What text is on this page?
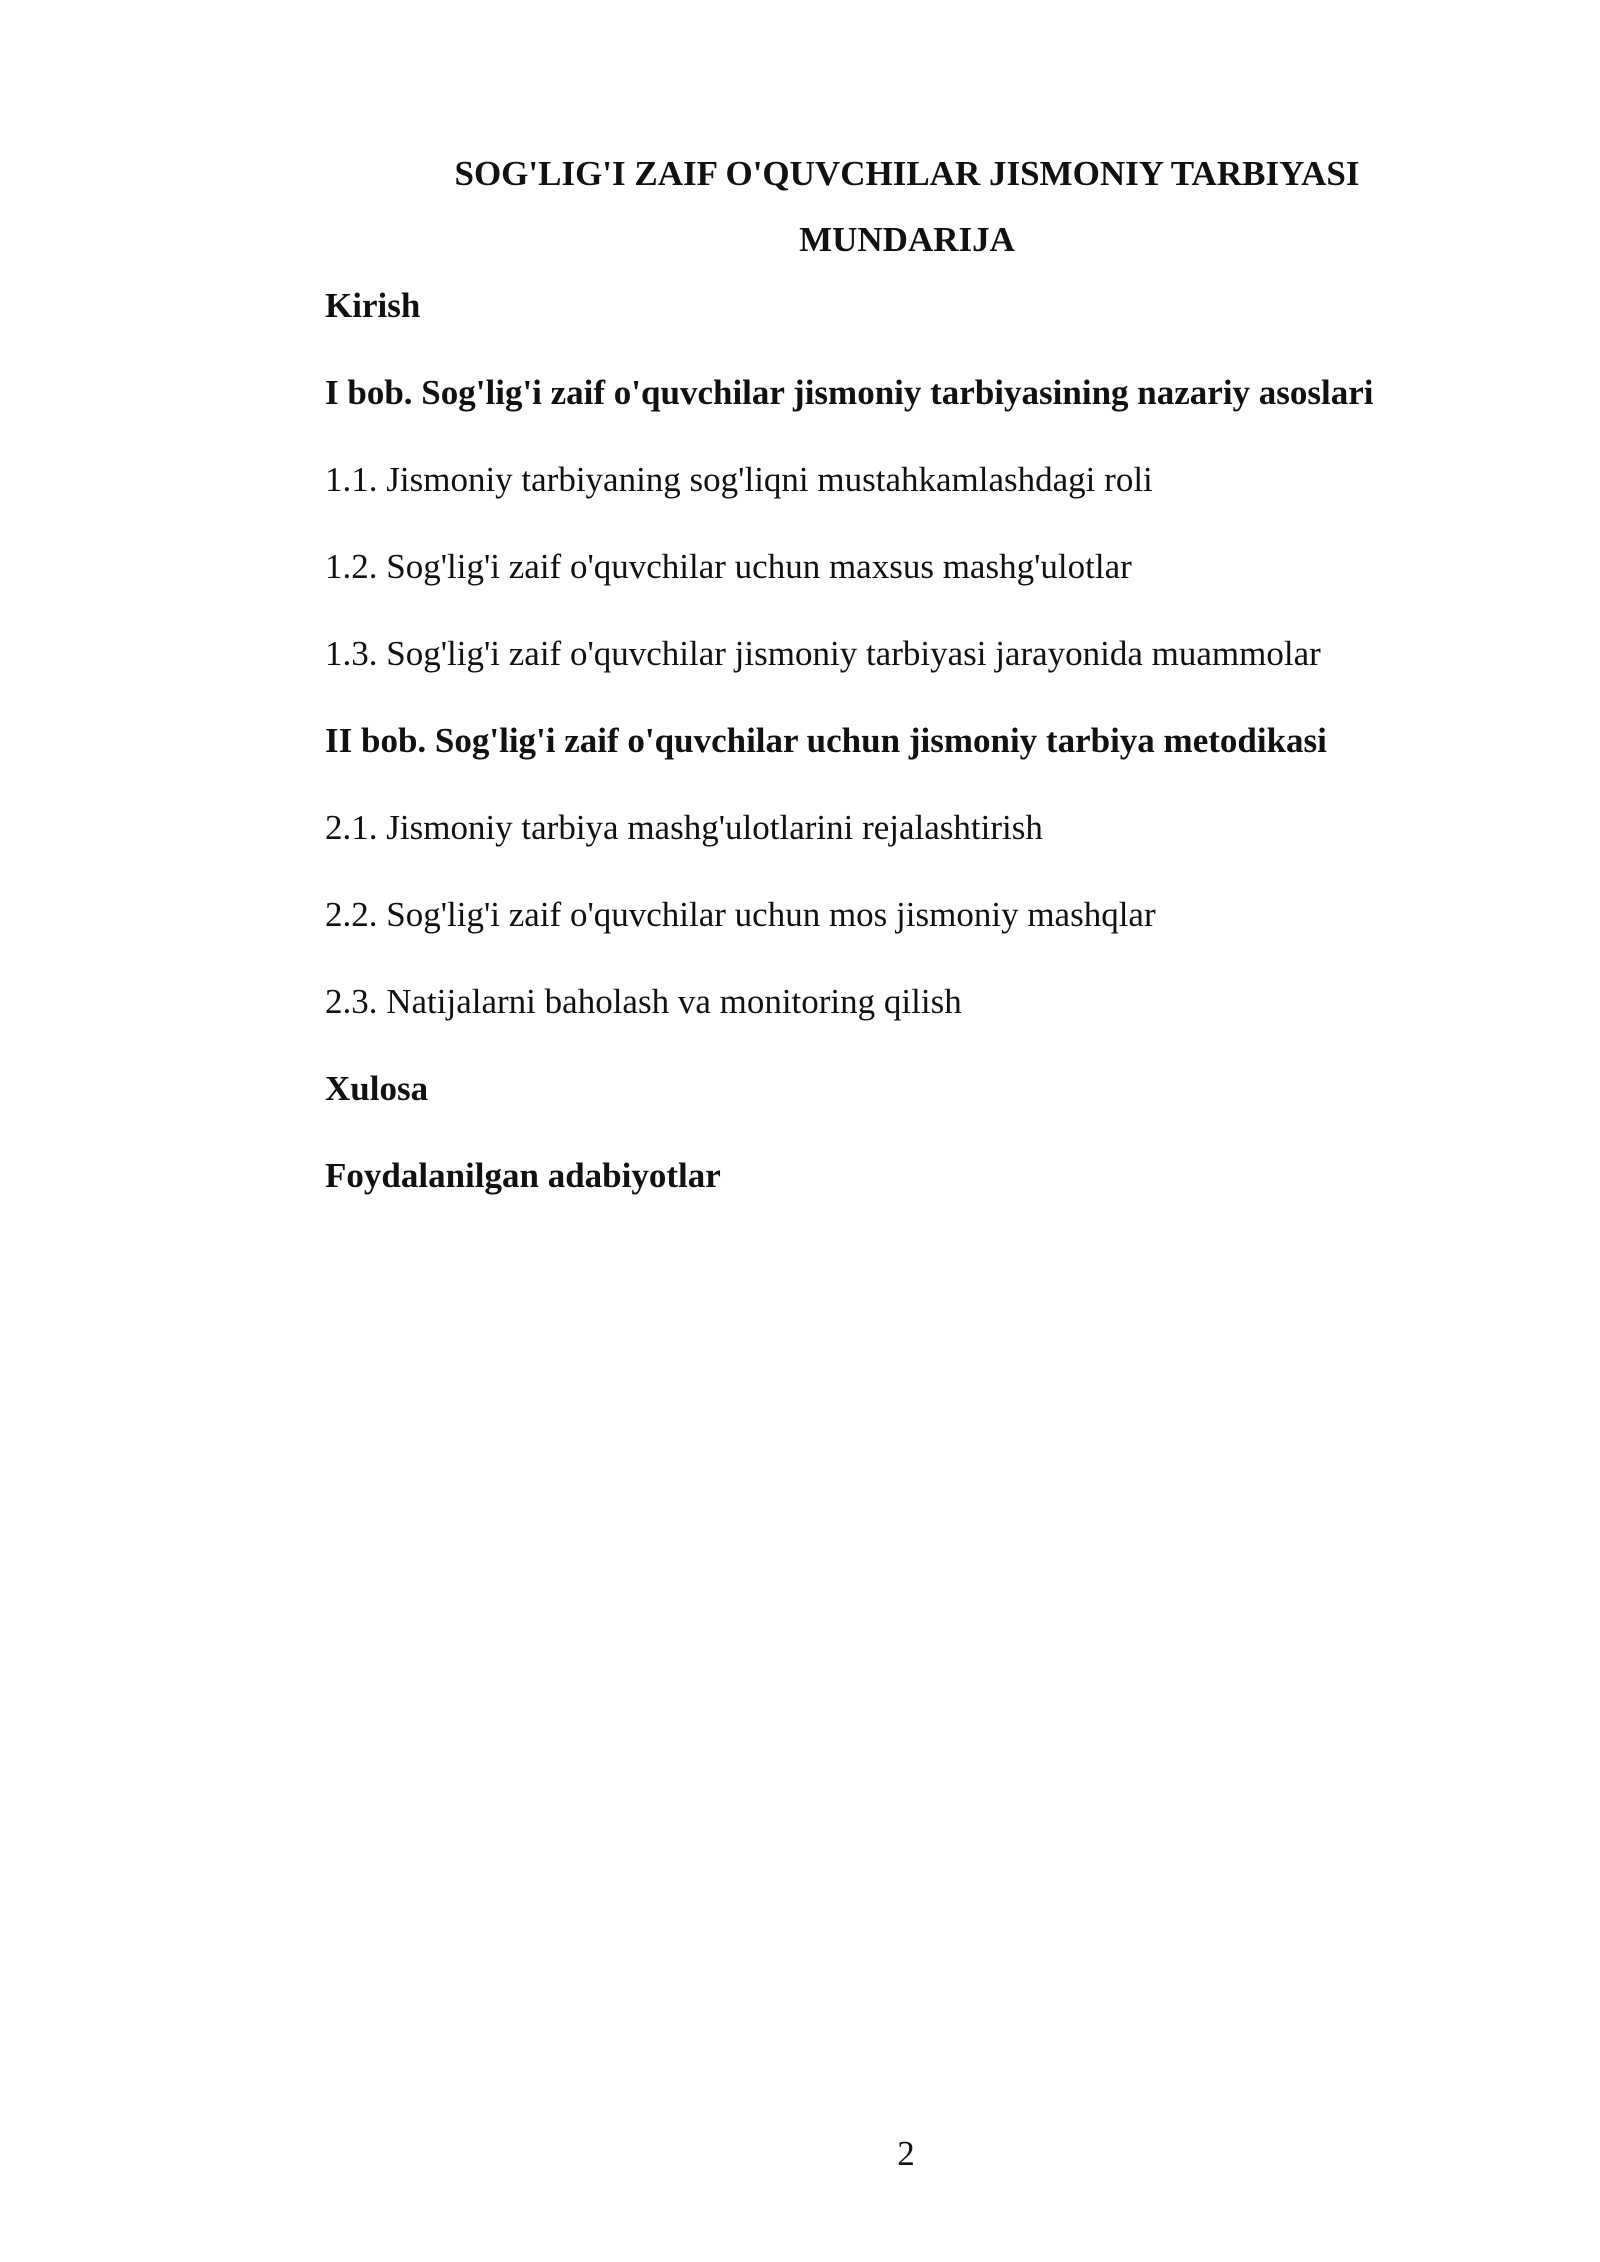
SOG'LIG'I ZAIF O'QUVCHILAR JISMONIY TARBIYASI
MUNDARIJA
Kirish
I bob. Sog'lig'i zaif o'quvchilar jismoniy tarbiyasining nazariy asoslari
1.1. Jismoniy tarbiyaning sog'liqni mustahkamlashdagi roli
1.2. Sog'lig'i zaif o'quvchilar uchun maxsus mashg'ulotlar
1.3. Sog'lig'i zaif o'quvchilar jismoniy tarbiyasi jarayonida muammolar
II bob. Sog'lig'i zaif o'quvchilar uchun jismoniy tarbiya metodikasi
2.1. Jismoniy tarbiya mashg'ulotlarini rejalashtirish
2.2. Sog'lig'i zaif o'quvchilar uchun mos jismoniy mashqlar
2.3. Natijalarni baholash va monitoring qilish
Xulosa
Foydalanilgan adabiyotlar
2
